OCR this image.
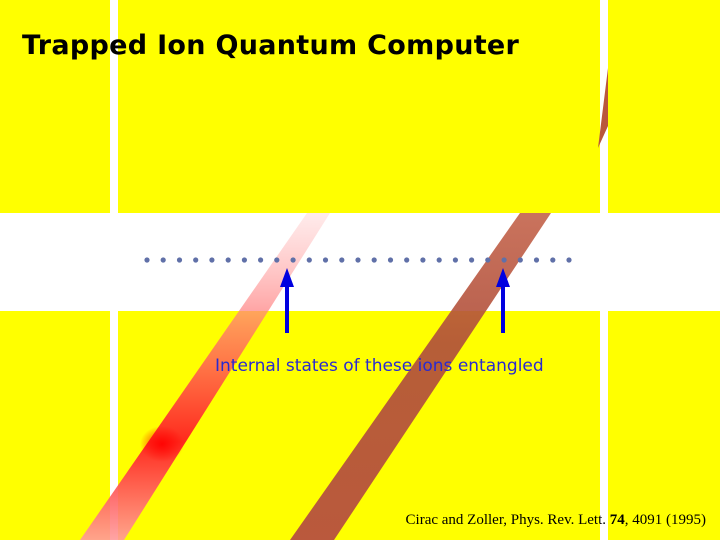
Trapped Ion Quantum Computer
Internal states of these ions entangled
Cirac and Zoller, Phys. Rev. Lett. 74, 4091 (1995)
